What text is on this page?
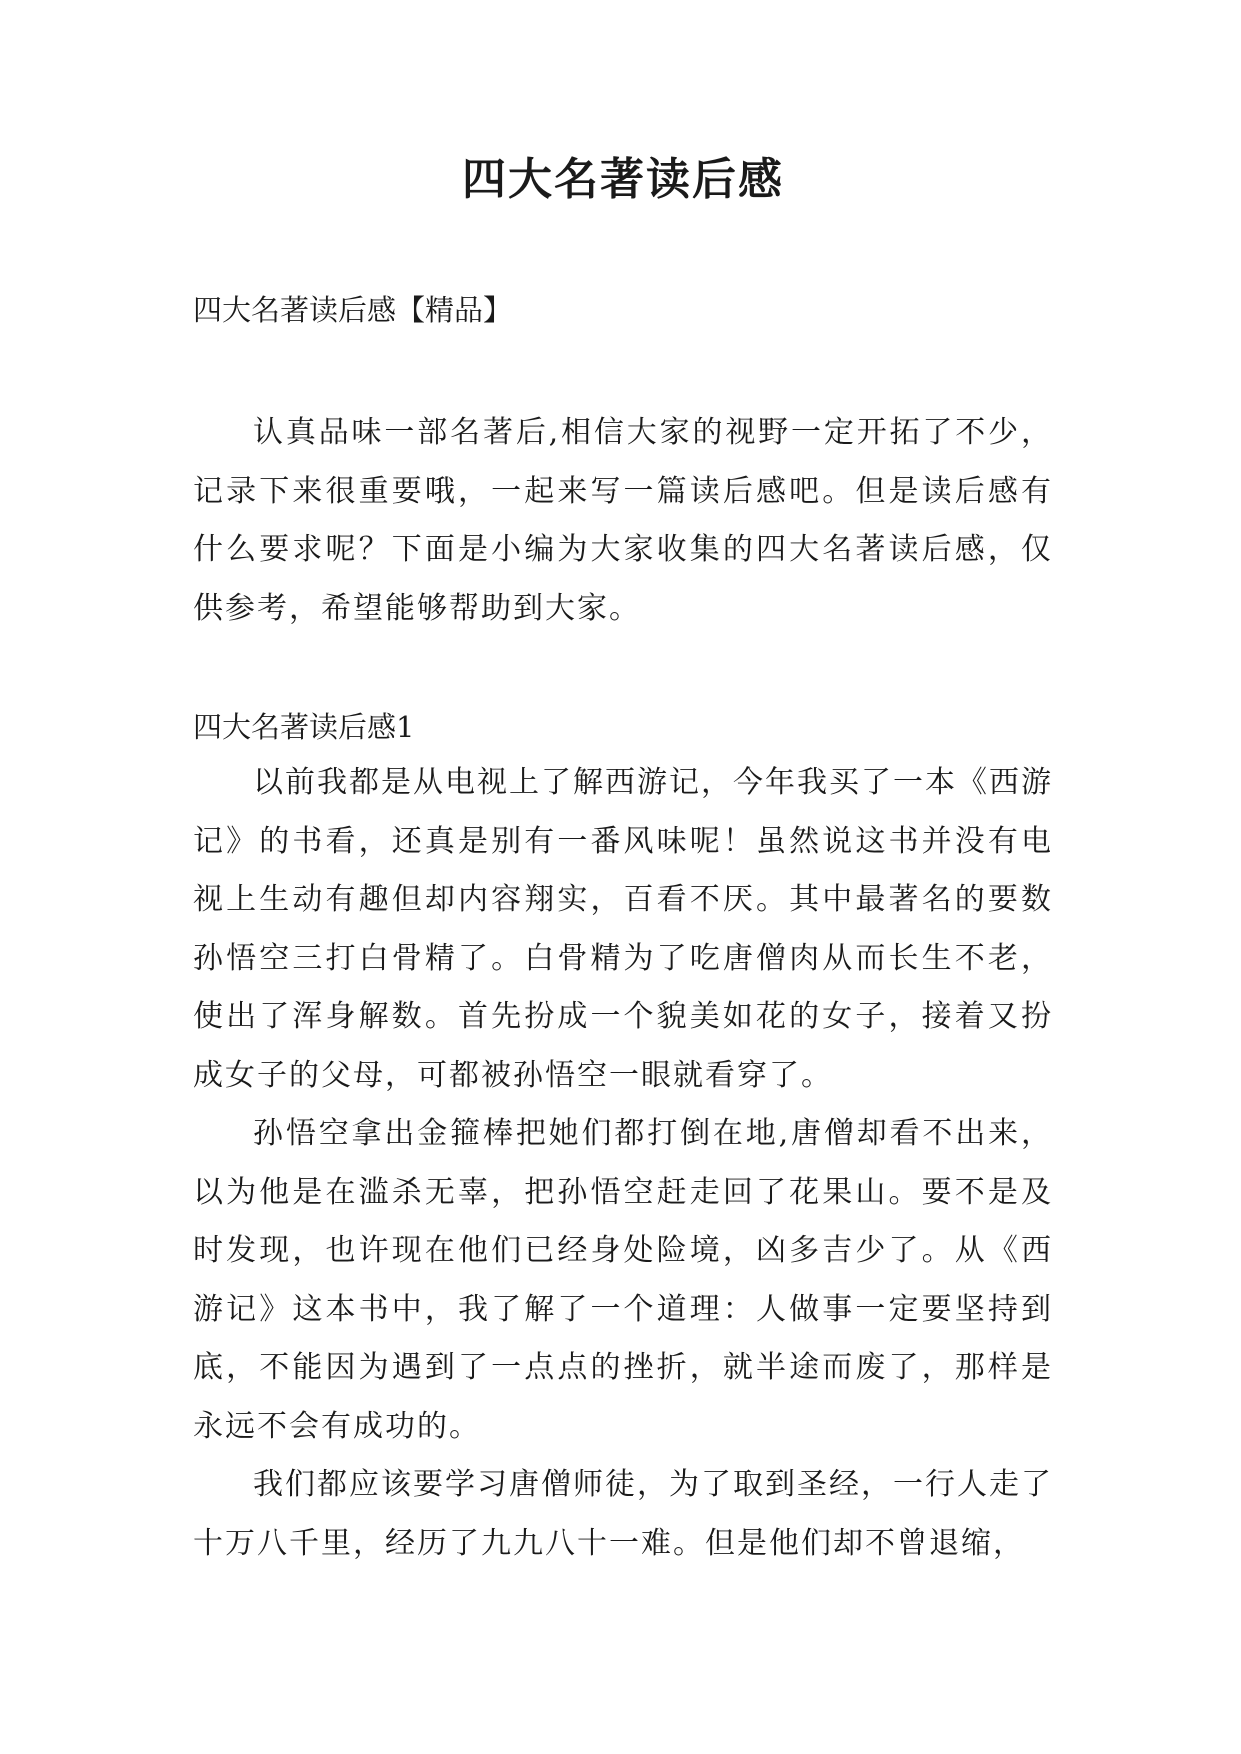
四大名著读后感

四大名著读后感【精品】

认真品味一部名著后,相信大家的视野一定开拓了不少，记录下来很重要哦，一起来写一篇读后感吧。但是读后感有什么要求呢？下面是小编为大家收集的四大名著读后感，仅供参考，希望能够帮助到大家。

四大名著读后感1

以前我都是从电视上了解西游记，今年我买了一本《西游记》的书看，还真是别有一番风味呢！虽然说这书并没有电视上生动有趣但却内容翔实，百看不厌。其中最著名的要数孙悟空三打白骨精了。白骨精为了吃唐僧肉从而长生不老，使出了浑身解数。首先扮成一个貌美如花的女子，接着又扮成女子的父母，可都被孙悟空一眼就看穿了。

孙悟空拿出金箍棒把她们都打倒在地,唐僧却看不出来，以为他是在滥杀无辜，把孙悟空赶走回了花果山。要不是及时发现，也许现在他们已经身处险境，凶多吉少了。从《西游记》这本书中，我了解了一个道理：人做事一定要坚持到底，不能因为遇到了一点点的挫折，就半途而废了，那样是永远不会有成功的。

我们都应该要学习唐僧师徒，为了取到圣经，一行人走了十万八千里，经历了九九八十一难。但是他们却不曾退缩，
